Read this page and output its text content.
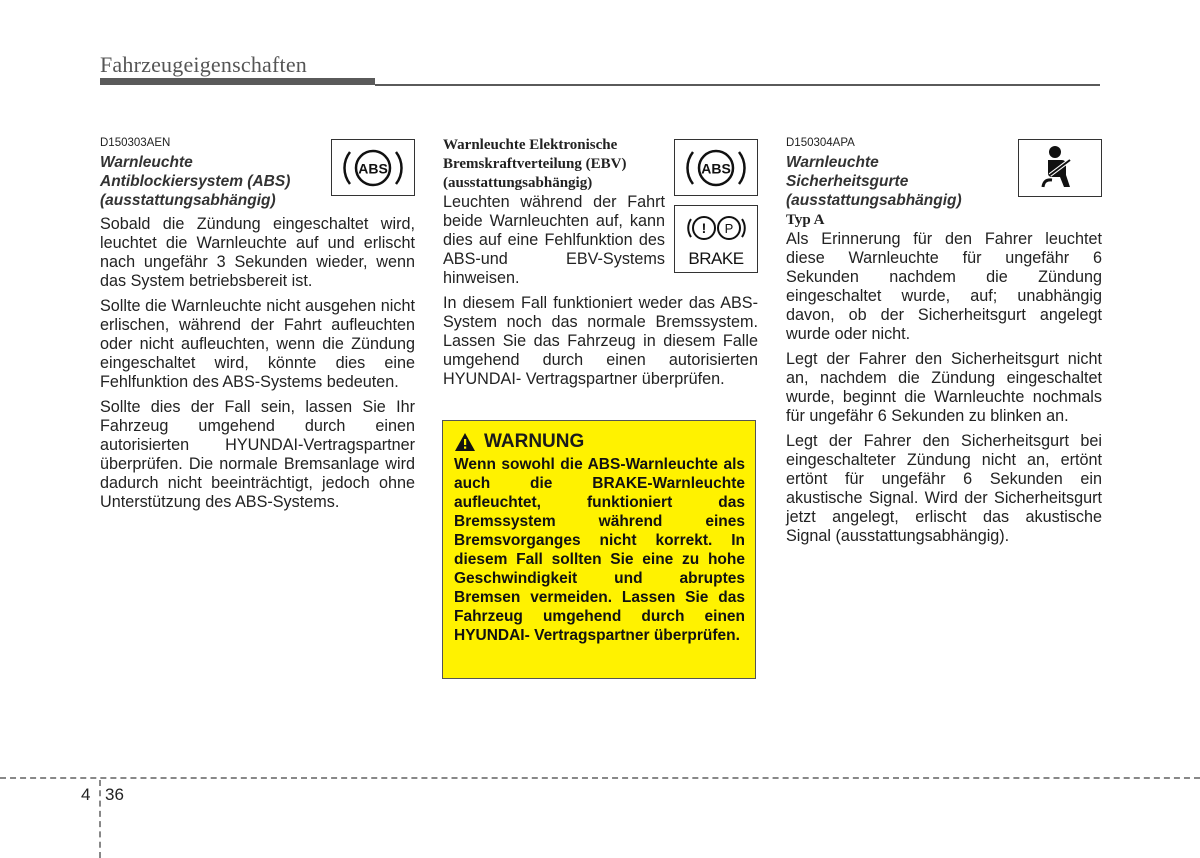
Fahrzeugeigenschaften
D150303AEN
Warnleuchte
Antiblockiersystem (ABS)
(ausstattungsabhängig)

Sobald die Zündung eingeschaltet wird, leuchtet die Warnleuchte auf und erlischt nach ungefähr 3 Sekunden wieder, wenn das System betriebsbereit ist.

Sollte die Warnleuchte nicht ausgehen nicht erlischen, während der Fahrt aufleuchten oder nicht aufleuchten, wenn die Zündung eingeschaltet wird, könnte dies eine Fehlfunktion des ABS-Systems bedeuten.

Sollte dies der Fall sein, lassen Sie Ihr Fahrzeug umgehend durch einen autorisierten HYUNDAI-Vertragspartner überprüfen. Die normale Bremsanlage wird dadurch nicht beeinträchtigt, jedoch ohne Unterstützung des ABS-Systems.

ABS
Warnleuchte Elektronische
Bremskraftverteilung (EBV)
(ausstattungsabhängig)

Leuchten während der Fahrt beide Warnleuchten auf, kann dies auf eine Fehlfunktion des ABS-und EBV-Systems hinweisen.

In diesem Fall funktioniert weder das ABS-System noch das normale Bremssystem. Lassen Sie das Fahrzeug in diesem Falle umgehend durch einen autorisierten HYUNDAI- Vertragspartner überprüfen.

ABS
! P
BRAKE
WARNUNG
Wenn sowohl die ABS-Warnleuchte als auch die BRAKE-Warnleuchte aufleuchtet, funktioniert das Bremssystem während eines Bremsvorganges nicht korrekt. In diesem Fall sollten Sie eine zu hohe Geschwindigkeit und abruptes Bremsen vermeiden. Lassen Sie das Fahrzeug umgehend durch einen HYUNDAI- Vertragspartner überprüfen.
D150304APA
Warnleuchte
Sicherheitsgurte
(ausstattungsabhängig)
Typ A

Als Erinnerung für den Fahrer leuchtet diese Warnleuchte für ungefähr 6 Sekunden nachdem die Zündung eingeschaltet wurde, auf; unabhängig davon, ob der Sicherheitsgurt angelegt wurde oder nicht.

Legt der Fahrer den Sicherheitsgurt nicht an, nachdem die Zündung eingeschaltet wurde, beginnt die Warnleuchte nochmals für ungefähr 6 Sekunden zu blinken an.

Legt der Fahrer den Sicherheitsgurt bei eingeschalteter Zündung nicht an, ertönt ertönt für ungefähr 6 Sekunden ein akustische Signal. Wird der Sicherheitsgurt jetzt angelegt, erlischt das akustische Signal (ausstattungsabhängig).

4 36
